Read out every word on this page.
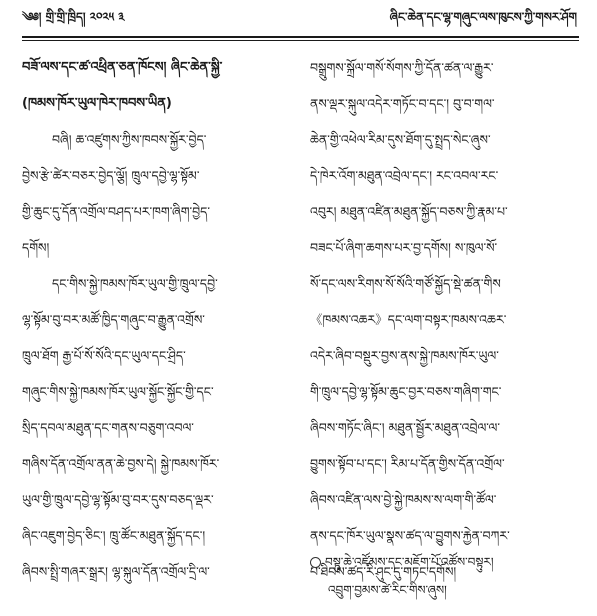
༄༅། གྲི་གྲི་ཁྲིད། ༢༠༢༥ ༣	ཞིང་ཆེན་དང་ལྷ་གཞུང་ལས་ཁུངས་ཀྱི་གསར་ཤོག

བཟོ་ལས་དང་ཚ་འཕྲིན་ཅན་ཁོངས། ཞིང་ཆེན་སྐྱི་
(ཁམས་ཁོར་ཡུལ་ཁེར་ཁབས་ཡིན)

བཞི། ཆ་འཛུགས་ཀྱིས་ཁབས་སྐྱོར་བྱེད་
བྱེས་རྩེ་ཚེར་བཅར་བྱེད་ལྕོ། ཁྲུལ་དབྱེ་ལྷ་སྟོམ་
གྱི་ཆུང་དུ་དོན་འགྲོལ་བཤད་པར་ཁག་ཞིག་བྱེད་
དགོས།

དང་གིས་སྐྱེ་ཁམས་ཁོར་ཡུལ་གྱི་ཁྲུལ་དབྱེ་
ལྷ་སྟོམ་བུ་བར་མཚོ་ཁྱིད་གཞུང་བ་རྒྱུན་འགྲོས་
ཁྲུལ་ཐོག རྒྱ་པོ་སོ་སོའི་དང་ཡུལ་དང་ཤྲིད་
གཞུང་གིས་སྐྱེ་ཁམས་ཁོར་ཡུལ་སྐྱོང་སྐྱོང་གྱི་དང་
སྲིད་དབལ་མཐུན་དང་གནས་བཅུག་འབལ་
གཞིས་དོན་འགྲོལ་ནན་ཆེ་བྱས་དེ། སྐྱེ་ཁམས་ཁོར་
ཡུལ་གྱི་ཁྲུལ་དབྱེ་ལྷ་སྟོམ་བུ་བར་དུས་བཅད་ལྡར་
ཞིང་འཇུག་བྱེད་ཅིང་། ཁྲུ་ཚོང་མཐུན་སྐྱོད་དང་།
ཞིབས་སྤྲི་གཞར་སྒྲར། ལྷ་སྐུལ་དོན་འགྲོལ་དྲི་ལ་

བསྒྲུགས་སྐྲོལ་གསོ་སོགས་ཀྱི་དོན་ཚན་ལ་རྒྱུར་
ནས་ལྡར་སྐུལ་འདེར་གཏོང་བ་དང་། བུ་བ་གལ་
ཆེན་གྱི་འཕེལ་རིམ་དུས་ཐོག་དུ་སྤྲད་སེང་ཞུས་
དེ་ཁེར་འོག་མཐུན་འབྲེལ་དང་། རང་འབལ་རང་
འབུར། མཐུན་འཛིན་མཐུན་སྐྱོད་བཅས་ཀྱི་རྣམ་པ་
བཟང་པོ་ཞིག་ཆགས་པར་བྱ་དགོས། ས་ཁུལ་སོ་
སོ་དང་ལས་རིགས་སོ་སོའི་གཙོ་སྐྱོད་སྡེ་ཚན་གིས
《ཁམས་འཆར》དང་ལག་བསྟར་ཁམས་འཆར་
འདེར་ཞིབ་བསྡུར་བྱས་ནས་སྐྱེ་ཁམས་ཁོར་ཡུལ་
གི་ཁྲུལ་དབྱེ་ལྷ་སྟོམ་ཆུང་བྱར་བཅས་གཞིག་གང་
ཞིབས་གཏོང་ཞིང་། མཐུན་སྦྱོར་མཐུན་འབྲེལ་ལ་
བྱུགས་སྟོབ་པ་དང་། རིམ་པ་དོན་གྱིས་དོན་འགྲོལ་
ཞིབས་འཛིན་ལས་བྱེ་སྐྱེ་ཁམས་ས་ལག་གི་ཚོལ་
ནས་དང་ཁོར་ཡུལ་སྣས་ཚད་ལ་བྱུགས་རྐྱེན་བཀར་
པ་ཐིབས་ཚད་རི་ཤུང་དུ་གཏང་དགོས།

བསྟུ་ཆེ་འཛོམས་དང་མཇོག་པོ་འཚོས་བསྟུར།
འབྲུག་བྱམས་ཚེ་རིང་གིས་ཞུས།
